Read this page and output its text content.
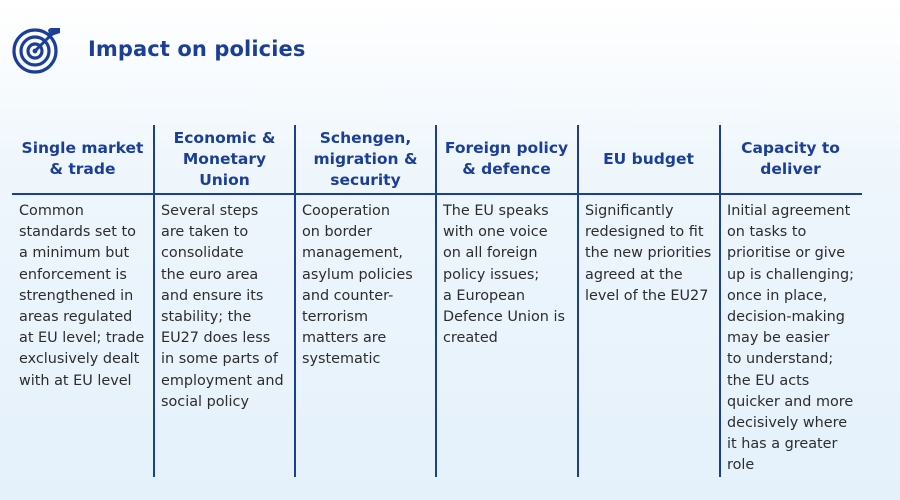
Impact on policies
Single market
& trade

Common

standards set to

a minimum but

enforcement is

strengthened in

areas regulated

at EU level; trade

exclusively dealt

with at EU level

Economic &
Monetary Union

Several steps

are taken to

consolidate

the euro area

and ensure its

stability; the

EU27 does less

in some parts of

employment and

social policy

Schengen,
migration &
security

Cooperation

on border

management,

asylum policies

and counter-

terrorism

matters are

systematic

Foreign policy
& defence

The EU speaks

with one voice

on all foreign

policy issues;

a European

Defence Union is

created

EU budget

Significantly

redesigned to fit

the new priorities

agreed at the

level of the EU27

Capacity to
deliver

Initial agreement

on tasks to

prioritise or give

up is challenging;

once in place,

decision-making

may be easier

to understand;

the EU acts

quicker and more

decisively where

it has a greater

role
